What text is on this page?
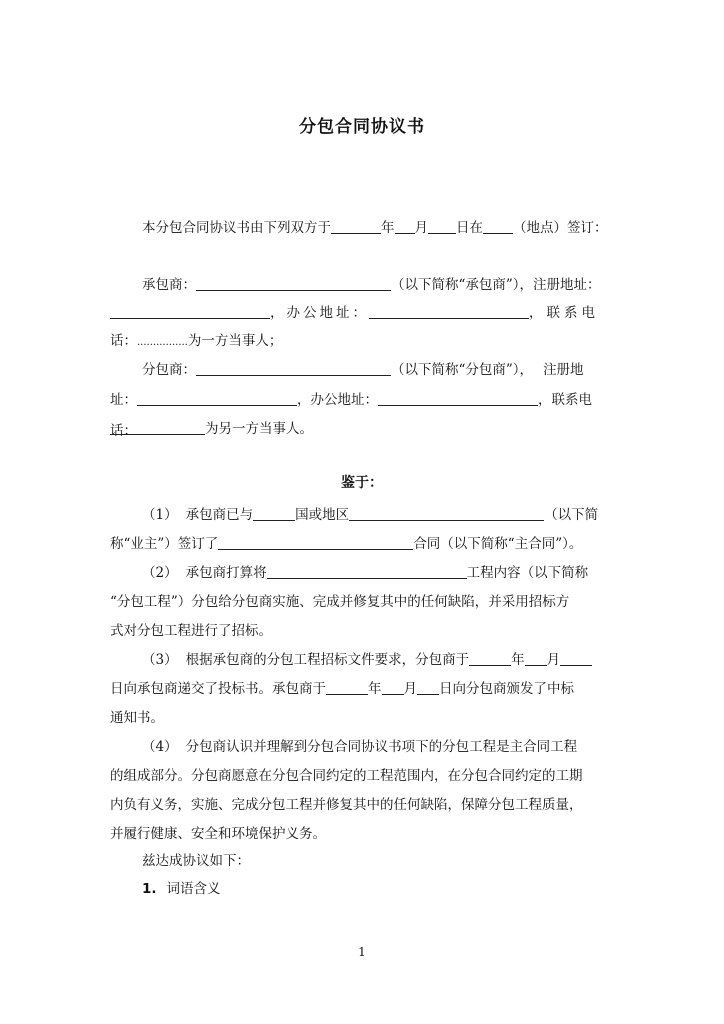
分包合同协议书
本分包合同协议书由下列双方于	年 月 日在 （地点）签订：
承包商：	（以下简称“承包商”），注册地址：
，办公地址：	，联系电
话：................为一方当事人；
分包商：	（以下简称“分包商”）， 注册地
址：	，办公地址：	，联系电话：	为另一方当事人。
鉴于：
（1） 承包商已与	国或地区	（以下简
称“业主”）签订了	合同（以下简称“主合同”）。
（2） 承包商打算将	工程内容（以下简称
“分包工程”）分包给分包商实施、完成并修复其中的任何缺陷，并采用招标方
式对分包工程进行了招标。
（3） 根据承包商的分包工程招标文件要求，分包商于	年 月
日向承包商递交了投标书。承包商于	年 月 日向分包商颁发了中标
通知书。
（4） 分包商认识并理解到分包合同协议书项下的分包工程是主合同工程
的组成部分。分包商愿意在分包合同约定的工程范围内，在分包合同约定的工期
内负有义务，实施、完成分包工程并修复其中的任何缺陷，保障分包工程质量，
并履行健康、安全和环境保护义务。
兹达成协议如下：
1. 词语含义
1
